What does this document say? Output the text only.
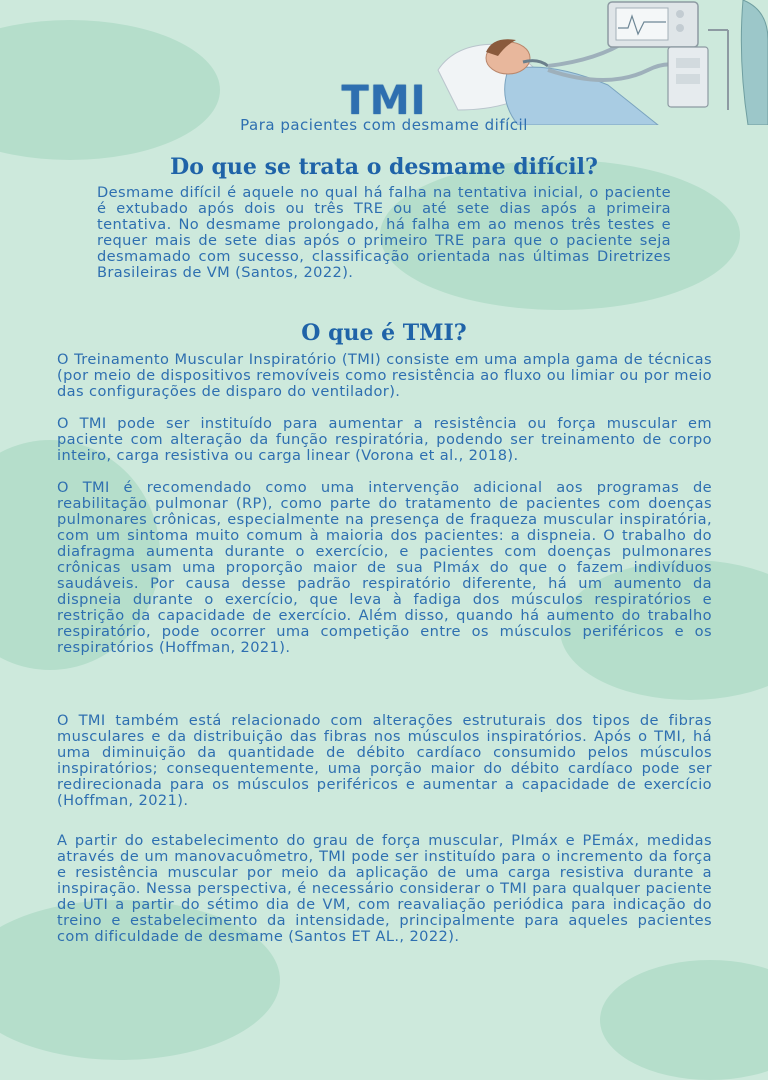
TMI

Para pacientes com desmame difícil

Do que se trata o desmame difícil?

Desmame difícil é aquele no qual há falha na tentativa inicial, o paciente é extubado após dois ou três TRE ou até sete dias após a primeira tentativa. No desmame prolongado, há falha em ao menos três testes e requer mais de sete dias após o primeiro TRE para que o paciente seja desmamado com sucesso, classificação orientada nas últimas Diretrizes Brasileiras de VM (Santos, 2022).

O que é TMI?

O Treinamento Muscular Inspiratório (TMI) consiste em uma ampla gama de técnicas (por meio de dispositivos removíveis como resistência ao fluxo ou limiar ou por meio das configurações de disparo do ventilador).

O TMI pode ser instituído para aumentar a resistência ou força muscular em paciente com alteração da função respiratória, podendo ser treinamento de corpo inteiro, carga resistiva ou carga linear (Vorona et al., 2018).

O TMI é recomendado como uma intervenção adicional aos programas de reabilitação pulmonar (RP), como parte do tratamento de pacientes com doenças pulmonares crônicas, especialmente na presença de fraqueza muscular inspiratória, com um sintoma muito comum à maioria dos pacientes: a dispneia. O trabalho do diafragma aumenta durante o exercício, e pacientes com doenças pulmonares crônicas usam uma proporção maior de sua PImáx do que o fazem indivíduos saudáveis. Por causa desse padrão respiratório diferente, há um aumento da dispneia durante o exercício, que leva à fadiga dos músculos respiratórios e restrição da capacidade de exercício. Além disso, quando há aumento do trabalho respiratório, pode ocorrer uma competição entre os músculos periféricos e os respiratórios (Hoffman, 2021).

O TMI também está relacionado com alterações estruturais dos tipos de fibras musculares e da distribuição das fibras nos músculos inspiratórios. Após o TMI, há uma diminuição da quantidade de débito cardíaco consumido pelos músculos inspiratórios; consequentemente, uma porção maior do débito cardíaco pode ser redirecionada para os músculos periféricos e aumentar a capacidade de exercício (Hoffman, 2021).

A partir do estabelecimento do grau de força muscular, PImáx e PEmáx, medidas através de um manovacuômetro, TMI pode ser instituído para o incremento da força e resistência muscular por meio da aplicação de uma carga resistiva durante a inspiração. Nessa perspectiva, é necessário considerar o TMI para qualquer paciente de UTI a partir do sétimo dia de VM, com reavaliação periódica para indicação do treino e estabelecimento da intensidade, principalmente para aqueles pacientes com dificuldade de desmame (Santos ET AL., 2022).
